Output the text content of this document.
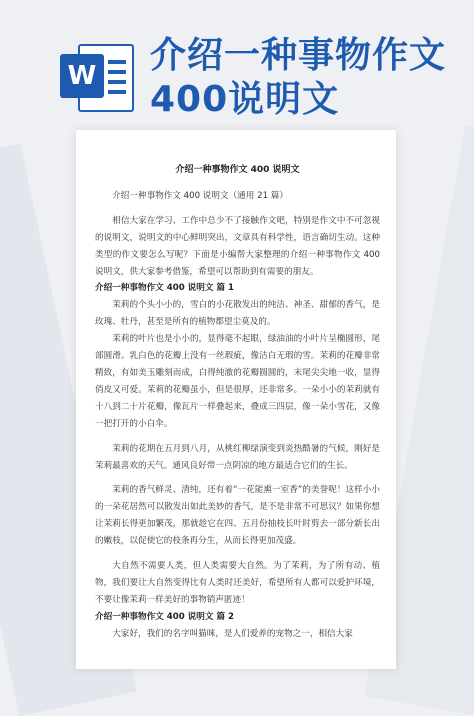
W 介绍一种事物作文
400说明文
介绍一种事物作文 400 说明文

介绍一种事物作文 400 说明文（通用 21 篇）

相信大家在学习、工作中总少不了接触作文吧，特别是作文中不可忽视的说明文，说明文的中心鲜明突出，文章具有科学性，语言确切生动。这种类型的作文要怎么写呢？下面是小编帮大家整理的介绍一种事物作文 400 说明文，供大家参考借鉴，希望可以帮助到有需要的朋友。

介绍一种事物作文 400 说明文 篇 1

茉莉的个头小小的，雪白的小花散发出的纯洁、神圣、甜郁的香气，是玫瑰、牡丹，甚至是所有的植物都望尘莫及的。

茉莉的叶片也是小小的，显得毫不起眼，绿油油的小叶片呈椭圆形，尾部圆滑。乳白色的花瓣上没有一丝瑕疵，像洁白无瑕的雪。茉莉的花瓣非常精致，有如美玉雕刻而成，白得纯澈的花瓣圆圆的，末尾尖尖地一收，显得俏皮又可爱。茉莉的花瓣虽小，但是很厚，还非常多。一朵小小的茉莉就有十八到二十片花瓣，像瓦片一样叠起来，叠成三四层，像一朵小雪花，又像一把打开的小白伞。

茉莉的花期在五月到八月，从桃红柳绿演变到炎热酷暑的气候，刚好是茉莉最喜欢的天气。通风良好带一点阴凉的地方最适合它们的生长。

茉莉的香气鲜灵、清纯，还有着“一花能熏一室香”的美誉呢！这样小小的一朵花居然可以散发出如此美妙的香气，是不是非常不可思议？如果你想让茉莉长得更加繁茂，那就趁它在四、五月份抽枝长叶时剪去一部分新长出的嫩枝，以促使它的枝条再分生，从而长得更加茂盛。

大自然不需要人类，但人类需要大自然。为了茉莉，为了所有动、植物，我们要让大自然变得比有人类时还美好，希望所有人都可以爱护环境，不要让像茉莉一样美好的事物销声匿迹！

介绍一种事物作文 400 说明文 篇 2

大家好，我们的名字叫猫咪，是人们爱养的宠物之一，相信大家
